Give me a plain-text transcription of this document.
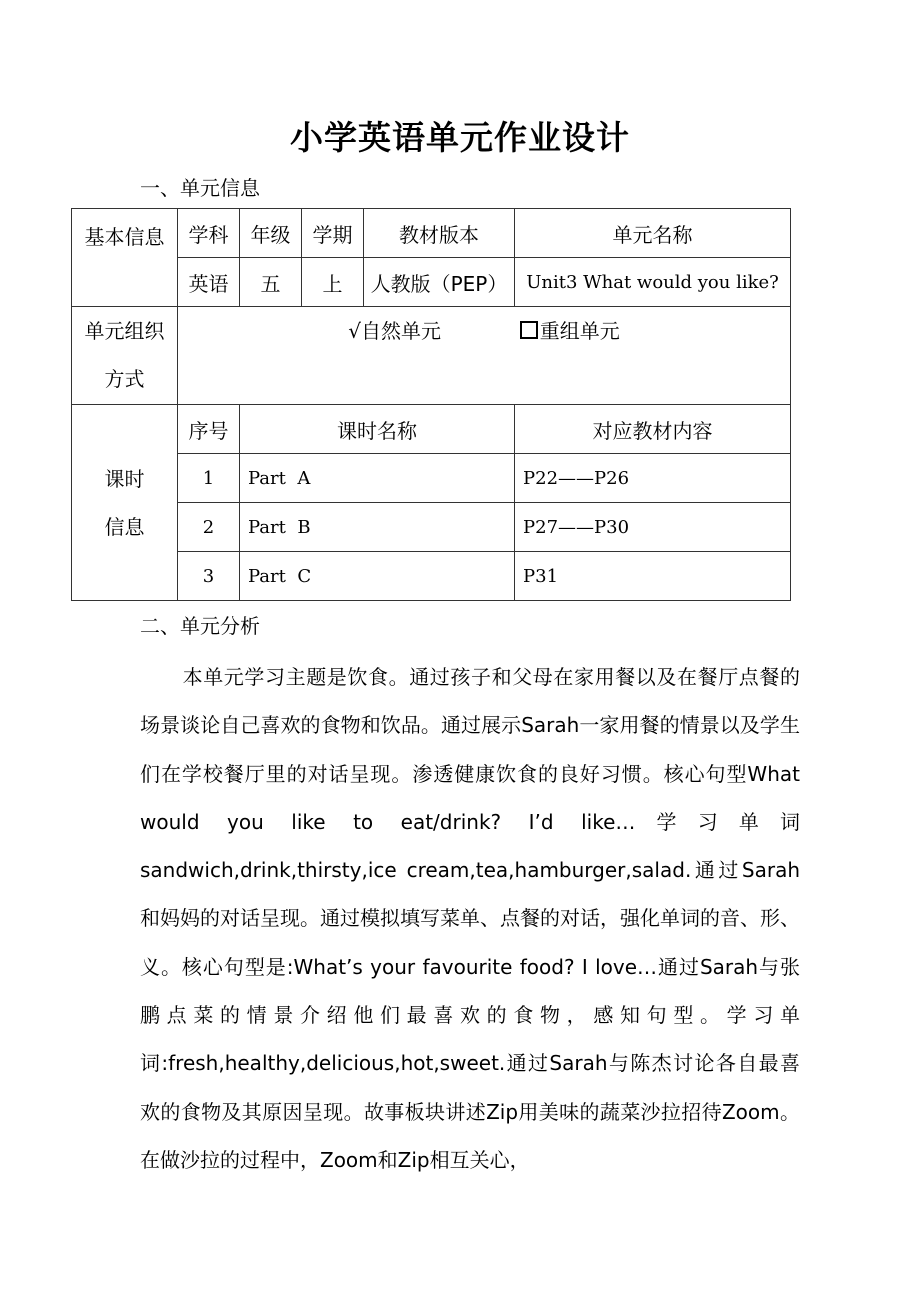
小学英语单元作业设计
一、单元信息
基本信息	学科	年级	学期	教材版本	单元名称
	英语	五	上	人教版（PEP）	Unit3 What would you like?

单元组织
方式	√自然单元 重组单元				

课时
信息	序号	课时名称			对应教材内容
	1	Part  A			P22——P26
	2	Part  B			P27——P30
	3	Part  C			P31
二、单元分析
本单元学习主题是饮食。通过孩子和父母在家用餐以及在餐厅点餐的场景谈论自己喜欢的食物和饮品。通过展示Sarah一家用餐的情景以及学生们在学校餐厅里的对话呈现。渗透健康饮食的良好习惯。核心句型What would you like to eat/drink? I’d like…学习单词sandwich,drink,thirsty,ice cream,tea,hamburger,salad.通过Sarah和妈妈的对话呈现。通过模拟填写菜单、点餐的对话，强化单词的音、形、义。核心句型是:What’s your favourite food? I love…通过Sarah与张鹏点菜的情景介绍他们最喜欢的食物，感知句型。学习单词:fresh,healthy,delicious,hot,sweet.通过Sarah与陈杰讨论各自最喜欢的食物及其原因呈现。故事板块讲述Zip用美味的蔬菜沙拉招待Zoom。在做沙拉的过程中，Zoom和Zip相互关心，
